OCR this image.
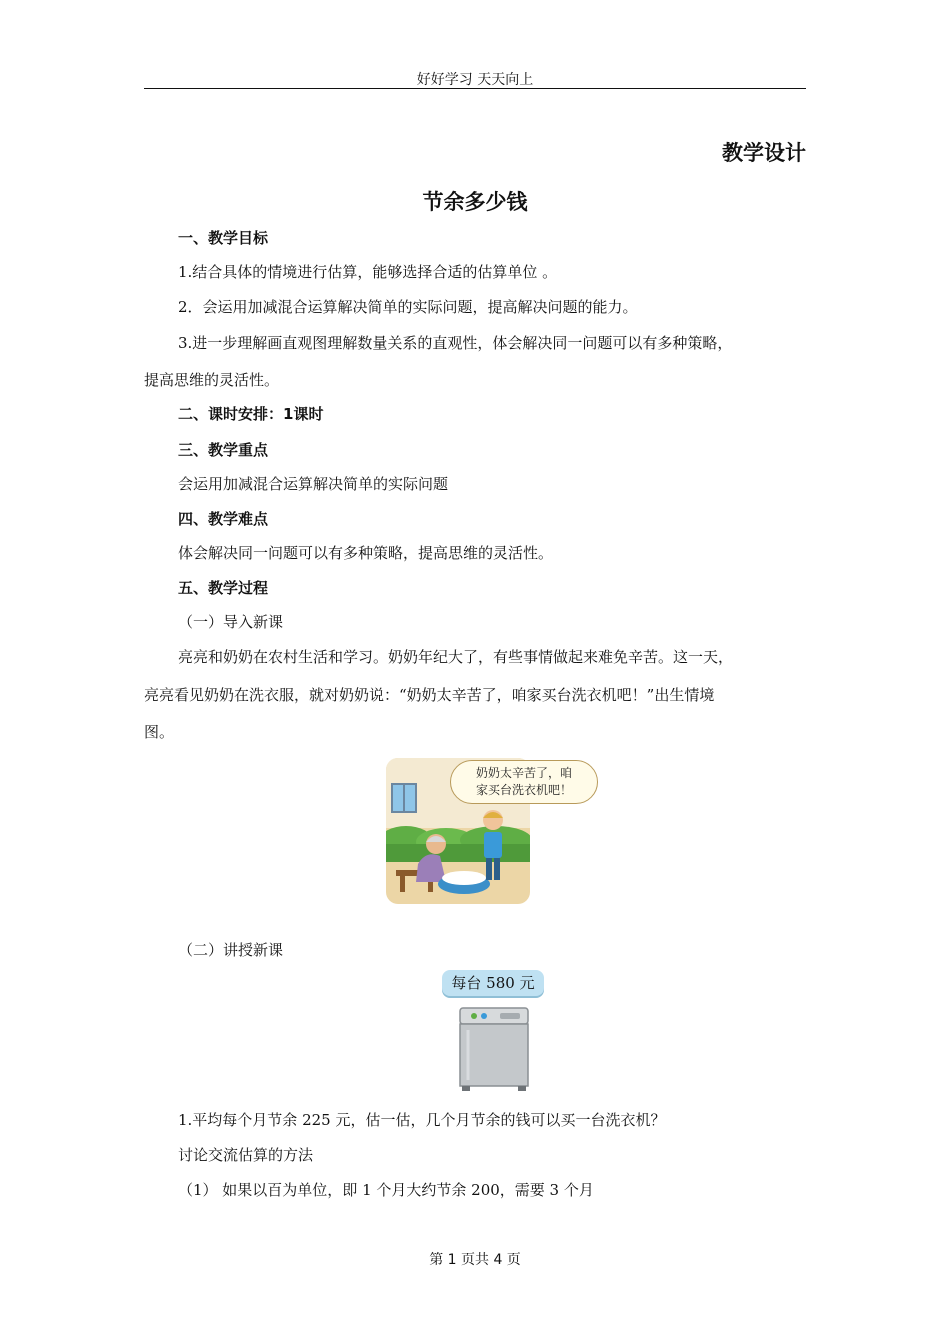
好好学习 天天向上
教学设计
节余多少钱
一、教学目标
1.结合具体的情境进行估算，能够选择合适的估算单位 。
2．会运用加减混合运算解决简单的实际问题，提高解决问题的能力。
3.进一步理解画直观图理解数量关系的直观性，体会解决同一问题可以有多种策略，
提高思维的灵活性。
二、课时安排：1课时
三、教学重点
会运用加减混合运算解决简单的实际问题
四、教学难点
体会解决同一问题可以有多种策略，提高思维的灵活性。
五、教学过程
（一）导入新课
亮亮和奶奶在农村生活和学习。奶奶年纪大了，有些事情做起来难免辛苦。这一天，
亮亮看见奶奶在洗衣服，就对奶奶说：“奶奶太辛苦了，咱家买台洗衣机吧！”出生情境
图。
奶奶太辛苦了，咱
家买台洗衣机吧！
（二）讲授新课
每台 580 元
1.平均每个月节余 225 元，估一估，几个月节余的钱可以买一台洗衣机？
讨论交流估算的方法
（1） 如果以百为单位，即 1 个月大约节余 200，需要 3 个月
第 1 页共 4 页
